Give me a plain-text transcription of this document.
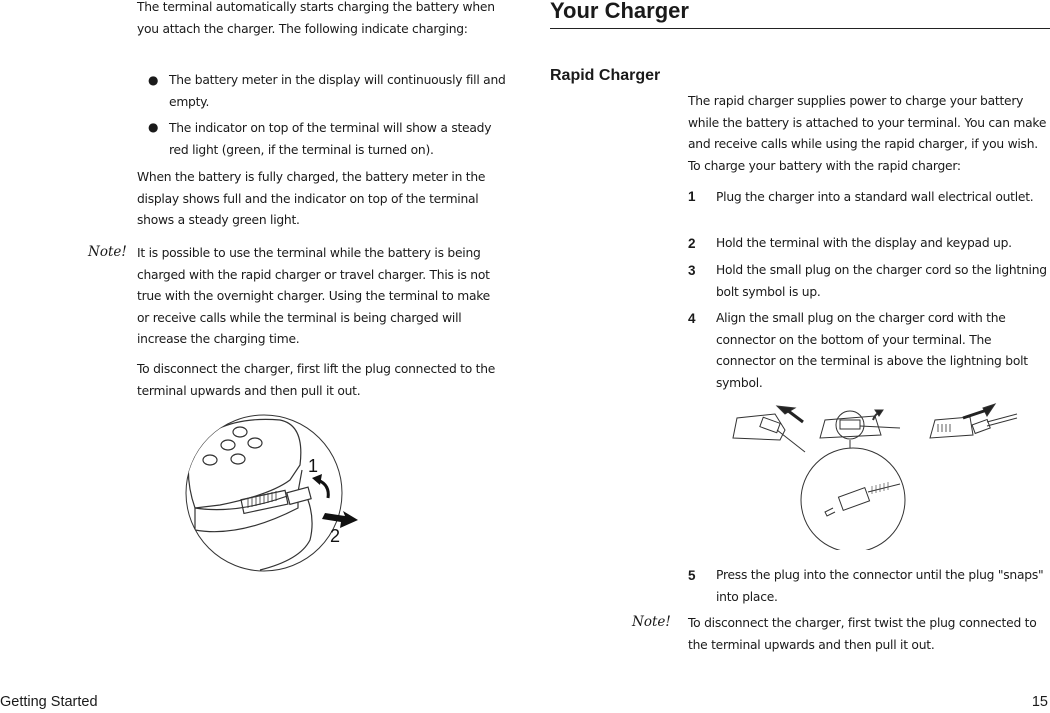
The terminal automatically starts charging the battery when you attach the charger. The following indicate charging:
● The battery meter in the display will continuously fill and empty.
● The indicator on top of the terminal will show a steady red light (green, if the terminal is turned on).
When the battery is fully charged, the battery meter in the display shows full and the indicator on top of the terminal shows a steady green light.
Note! It is possible to use the terminal while the battery is being charged with the rapid charger or travel charger. This is not true with the overnight charger. Using the terminal to make or receive calls while the terminal is being charged will increase the charging time.
To disconnect the charger, first lift the plug connected to the terminal upwards and then pull it out.
1
2
Your Charger
Rapid Charger
The rapid charger supplies power to charge your battery while the battery is attached to your terminal. You can make and receive calls while using the rapid charger, if you wish. To charge your battery with the rapid charger:
1 Plug the charger into a standard wall electrical outlet.
2 Hold the terminal with the display and keypad up.
3 Hold the small plug on the charger cord so the lightning bolt symbol is up.
4 Align the small plug on the charger cord with the connector on the bottom of your terminal. The connector on the terminal is above the lightning bolt symbol.
5 Press the plug into the connector until the plug "snaps" into place.
Note! To disconnect the charger, first twist the plug connected to the terminal upwards and then pull it out.
Getting Started	15
